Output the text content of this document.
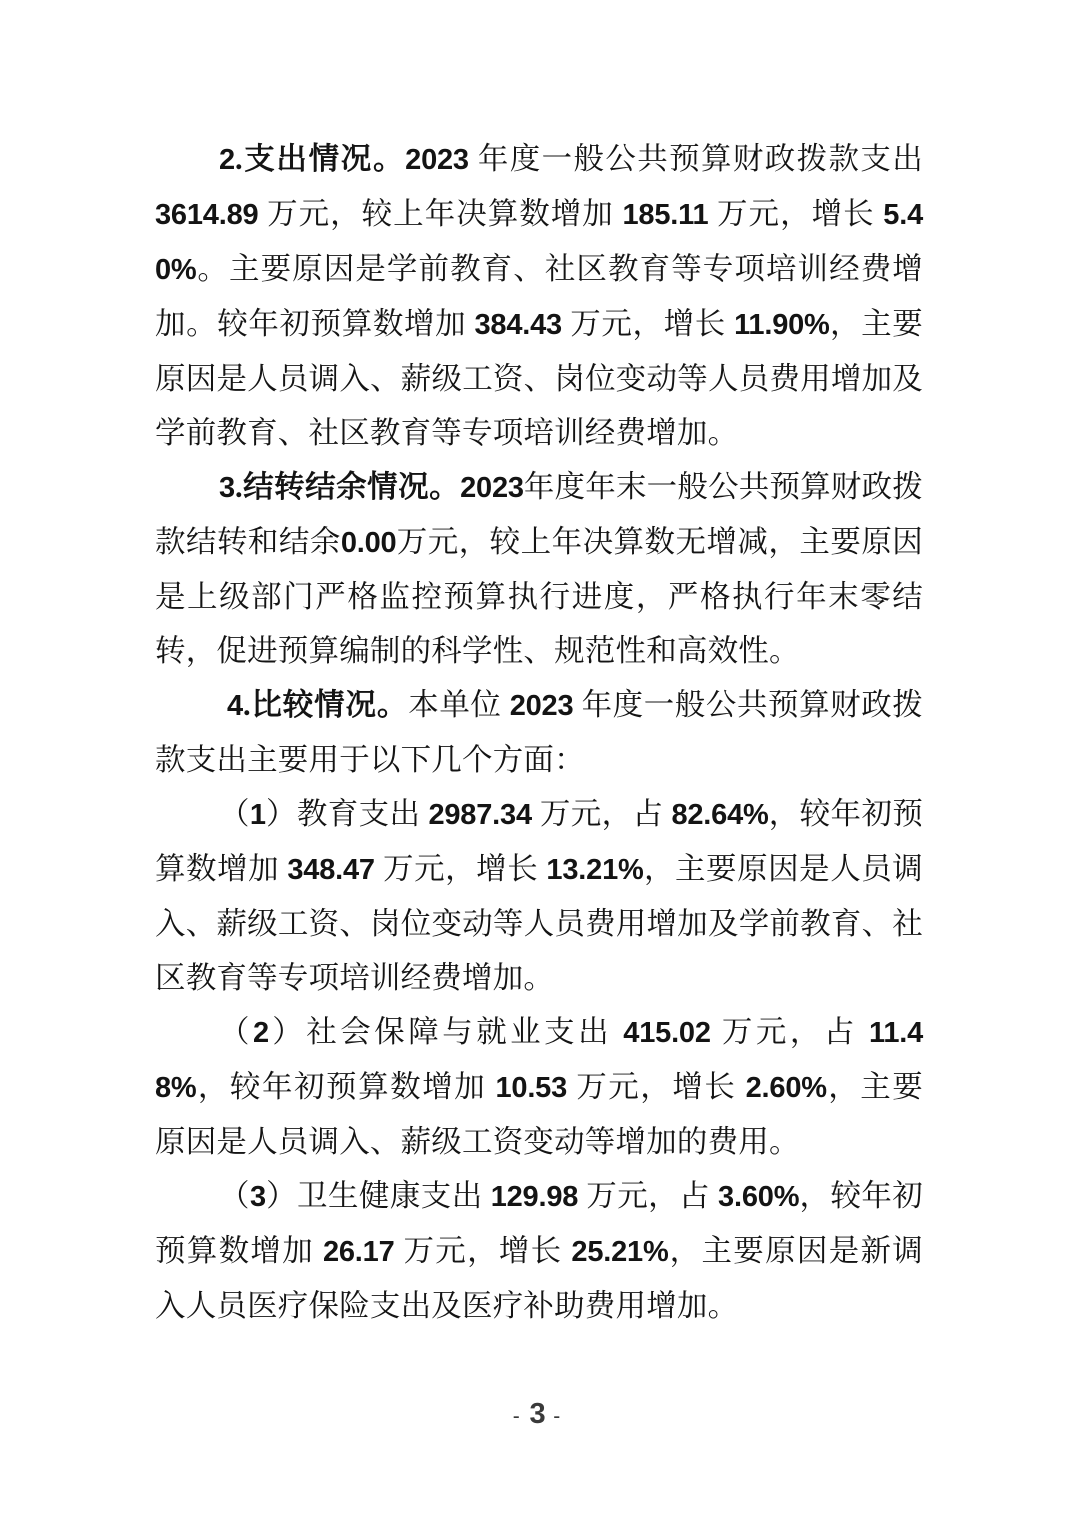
2.支出情况。2023 年度一般公共预算财政拨款支出 3614.89 万元，较上年决算数增加 185.11 万元，增长 5.40%。主要原因是学前教育、社区教育等专项培训经费增加。较年初预算数增加 384.43 万元，增长 11.90%，主要原因是人员调入、薪级工资、岗位变动等人员费用增加及学前教育、社区教育等专项培训经费增加。

3.结转结余情况。2023年度年末一般公共预算财政拨款结转和结余0.00万元，较上年决算数无增减，主要原因是上级部门严格监控预算执行进度，严格执行年末零结转，促进预算编制的科学性、规范性和高效性。

4.比较情况。本单位 2023 年度一般公共预算财政拨款支出主要用于以下几个方面：

（1）教育支出 2987.34 万元，占 82.64%，较年初预算数增加 348.47 万元，增长 13.21%，主要原因是人员调入、薪级工资、岗位变动等人员费用增加及学前教育、社区教育等专项培训经费增加。

（2）社会保障与就业支出 415.02 万元，占 11.48%，较年初预算数增加 10.53 万元，增长 2.60%，主要原因是人员调入、薪级工资变动等增加的费用。

（3）卫生健康支出 129.98 万元，占 3.60%，较年初预算数增加 26.17 万元，增长 25.21%，主要原因是新调入人员医疗保险支出及医疗补助费用增加。

- 3 -
